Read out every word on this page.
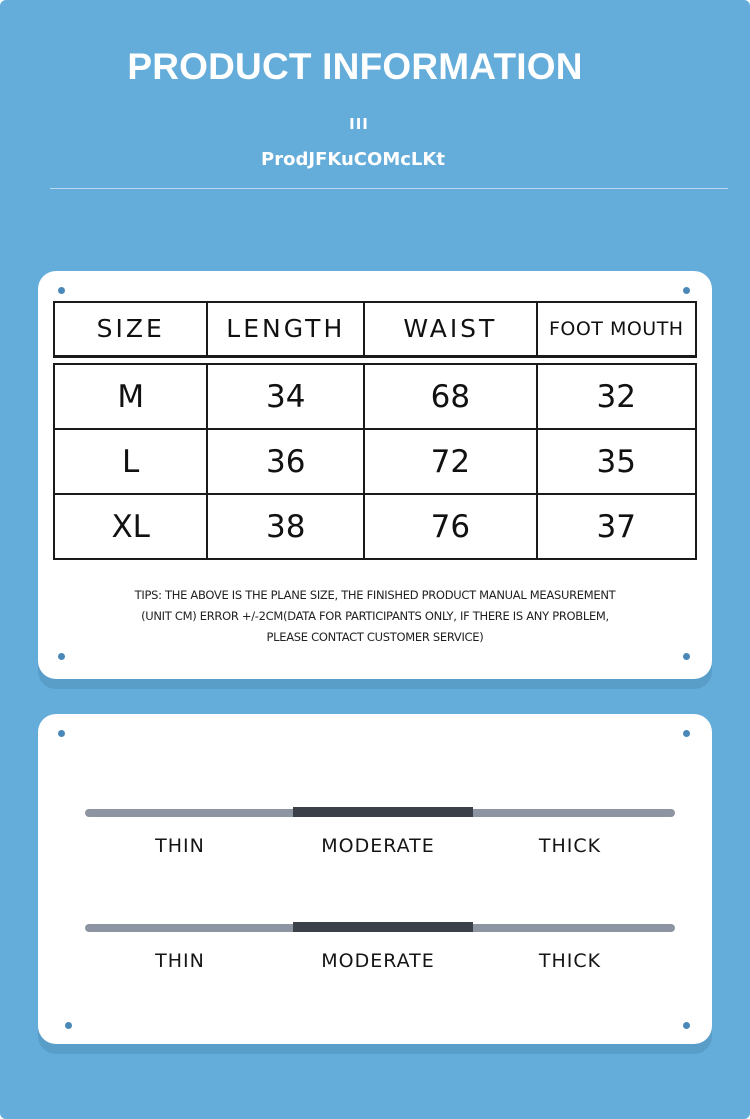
PRODUCT INFORMATION
III
ProdJFKuCOMcLKt
SIZE	LENGTH	WAIST	FOOT MOUTH

M	34	68	32
L	36	72	35
XL	38	76	37
TIPS: THE ABOVE IS THE PLANE SIZE, THE FINISHED PRODUCT MANUAL MEASUREMENT
(UNIT CM) ERROR +/-2CM(DATA FOR PARTICIPANTS ONLY, IF THERE IS ANY PROBLEM,
PLEASE CONTACT CUSTOMER SERVICE)
THIN	MODERATE	THICK
THIN	MODERATE	THICK
